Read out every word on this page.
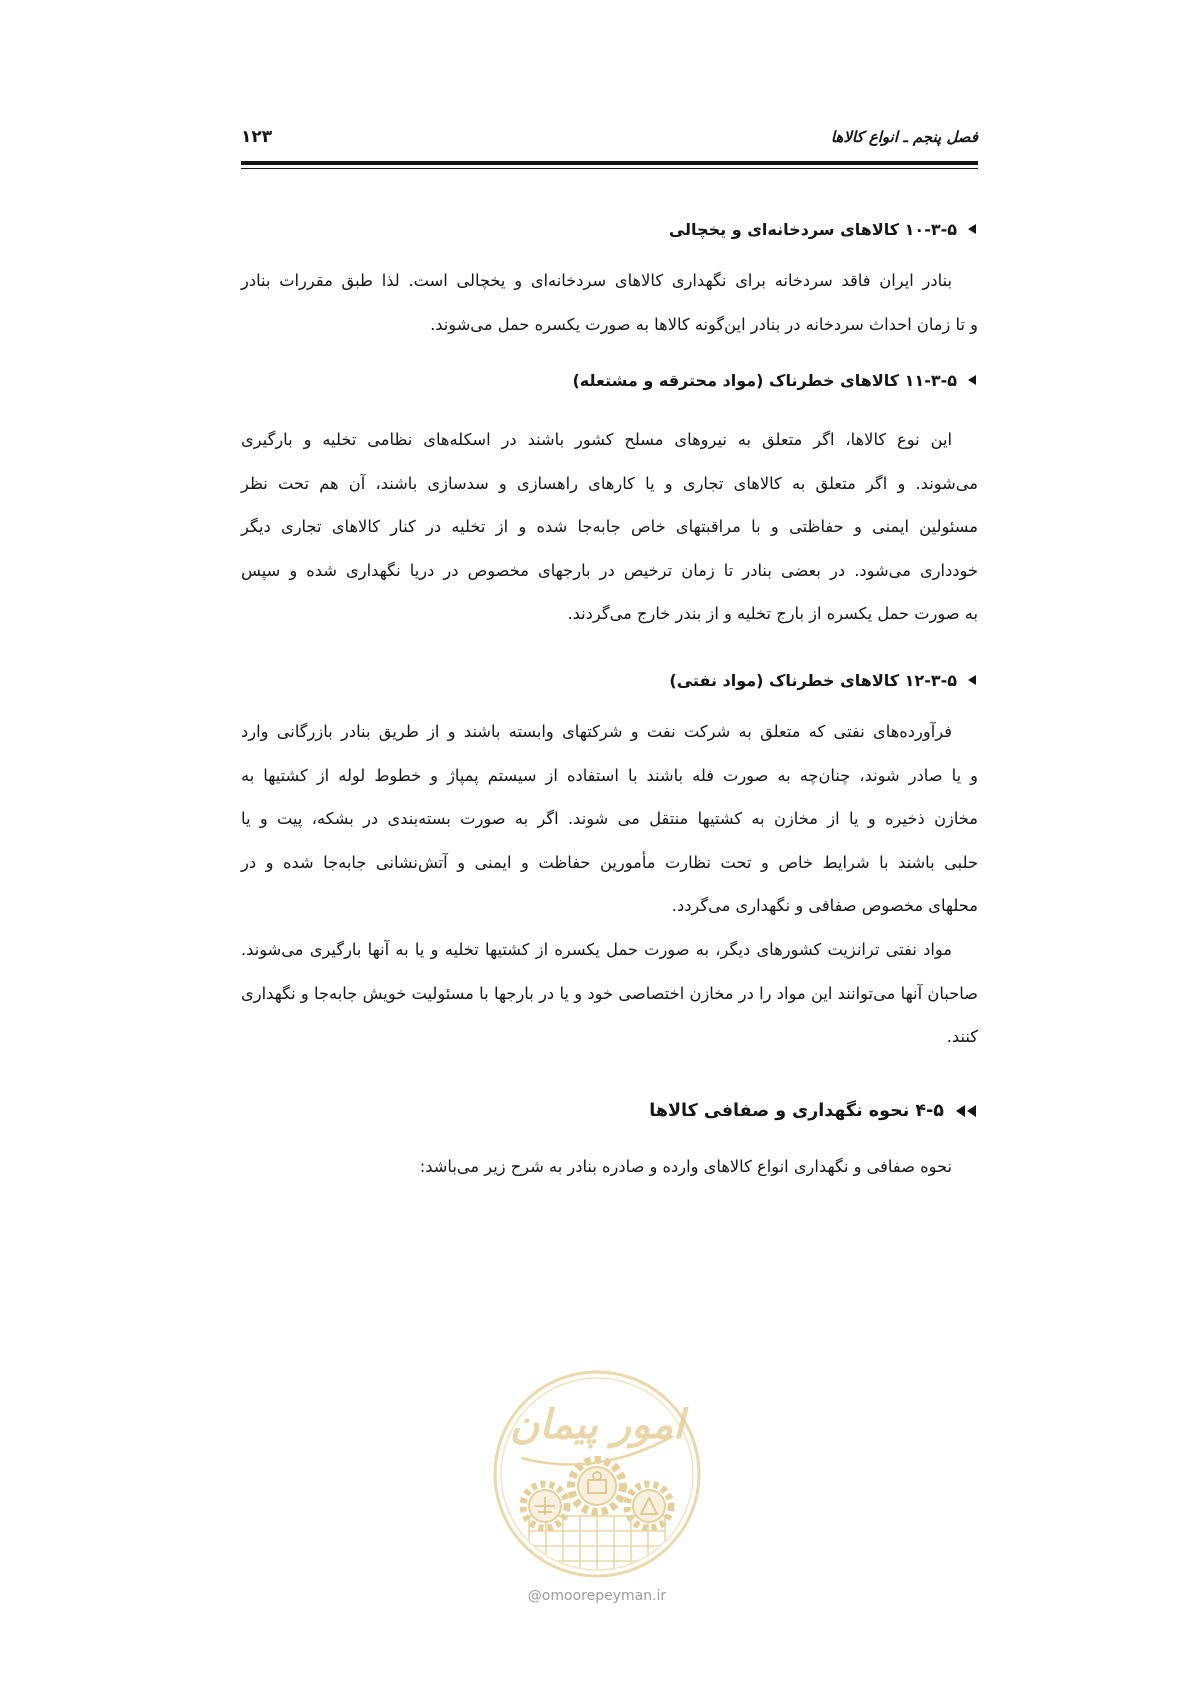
فصل پنجم ـ انواع کالاها
۱۲۳
۱۰-۳-۵ کالاهای سردخانه‌ای و یخچالی
بنادر ایران فاقد سردخانه برای نگهداری کالاهای سردخانه‌ای و یخچالی است. لذا طبق مقررات بنادر
و تا زمان احداث سردخانه در بنادر این‌گونه کالاها به صورت یکسره حمل می‌شوند.
۱۱-۳-۵ کالاهای خطرناک (مواد محترقه و مشتعله)
این نوع کالاها، اگر متعلق به نیروهای مسلح کشور باشند در اسکله‌های نظامی تخلیه و بارگیری
می‌شوند. و اگر متعلق به کالاهای تجاری و یا کارهای راهسازی و سدسازی باشند، آن هم تحت نظر
مسئولین ایمنی و حفاظتی و با مراقبتهای خاص جابه‌جا شده و از تخلیه در کنار کالاهای تجاری دیگر
خودداری می‌شود. در بعضی بنادر تا زمان ترخیص در بارجهای مخصوص در دریا نگهداری شده و سپس
به صورت حمل یکسره از بارج تخلیه و از بندر خارج می‌گردند.
۱۲-۳-۵ کالاهای خطرناک (مواد نفتی)
فرآورده‌های نفتی که متعلق به شرکت نفت و شرکتهای وابسته باشند و از طریق بنادر بازرگانی وارد
و یا صادر شوند، چنان‌چه به صورت فله باشند با استفاده از سیستم پمپاژ و خطوط لوله از کشتیها به
مخازن ذخیره و یا از مخازن به کشتیها منتقل می شوند. اگر به صورت بسته‌بندی در بشکه، پیت و یا
حلبی باشند با شرایط خاص و تحت نظارت مأمورین حفاظت و ایمنی و آتش‌نشانی جابه‌جا شده و در
محلهای مخصوص صفافی و نگهداری می‌گردد.
مواد نفتی ترانزیت کشورهای دیگر، به صورت حمل یکسره از کشتیها تخلیه و یا به آنها بارگیری می‌شوند.
صاحبان آنها می‌توانند این مواد را در مخازن اختصاصی خود و یا در بارجها با مسئولیت خویش جابه‌جا و نگهداری
کنند.
۴-۵ نحوه نگهداری و صفافی کالاها
نحوه صفافی و نگهداری انواع کالاهای وارده و صادره بنادر به شرح زیر می‌باشد:
امور پیمان
@omoorepeyman.ir
